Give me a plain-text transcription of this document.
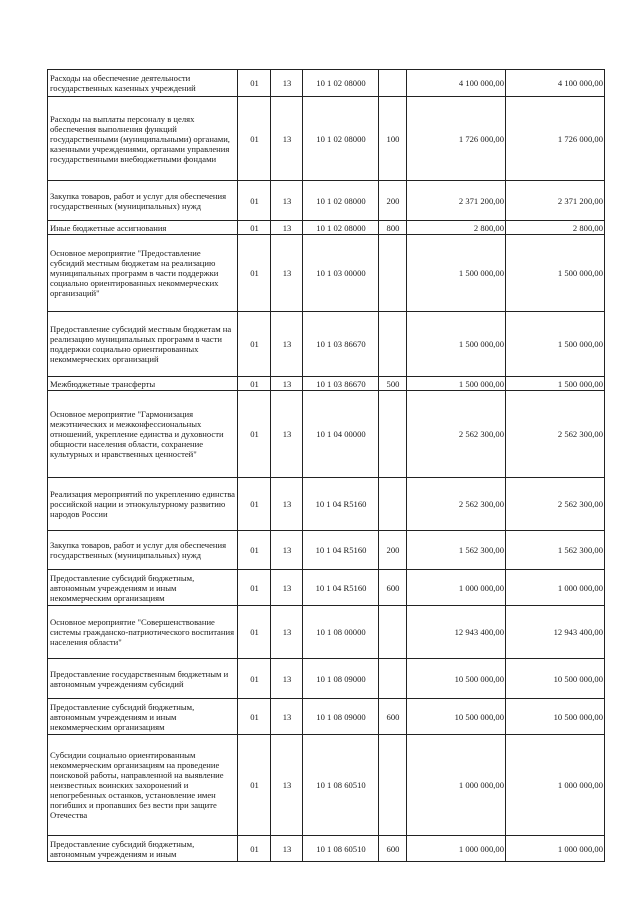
Расходы на обеспечение деятельности государственных казенных учреждений	01	13	10 1 02 08000		4 100 000,00	4 100 000,00
Расходы на выплаты персоналу в целях обеспечения выполнения функций государственными (муниципальными) органами, казенными учреждениями, органами управления государственными внебюджетными фондами	01	13	10 1 02 08000	100	1 726 000,00	1 726 000,00
Закупка товаров, работ и услуг для обеспечения государственных (муниципальных) нужд	01	13	10 1 02 08000	200	2 371 200,00	2 371 200,00
Иные бюджетные ассигнования	01	13	10 1 02 08000	800	2 800,00	2 800,00
Основное мероприятие "Предоставление субсидий местным бюджетам на реализацию муниципальных программ в части поддержки социально ориентированных некоммерческих организаций"	01	13	10 1 03 00000		1 500 000,00	1 500 000,00
Предоставление субсидий местным бюджетам на реализацию муниципальных программ в части поддержки социально ориентированных некоммерческих организаций	01	13	10 1 03 86670		1 500 000,00	1 500 000,00
Межбюджетные трансферты	01	13	10 1 03 86670	500	1 500 000,00	1 500 000,00
Основное мероприятие "Гармонизация межэтнических и межконфессиональных отношений, укрепление единства и духовности общности населения области, сохранение культурных и нравственных ценностей"	01	13	10 1 04 00000		2 562 300,00	2 562 300,00
Реализация мероприятий по укреплению единства российской нации и этнокультурному развитию народов России	01	13	10 1 04 R5160		2 562 300,00	2 562 300,00
Закупка товаров, работ и услуг для обеспечения государственных (муниципальных) нужд	01	13	10 1 04 R5160	200	1 562 300,00	1 562 300,00
Предоставление субсидий бюджетным, автономным учреждениям и иным некоммерческим организациям	01	13	10 1 04 R5160	600	1 000 000,00	1 000 000,00
Основное мероприятие "Совершенствование системы гражданско-патриотического воспитания населения области"	01	13	10 1 08 00000		12 943 400,00	12 943 400,00
Предоставление государственным бюджетным и автономным учреждениям субсидий	01	13	10 1 08 09000		10 500 000,00	10 500 000,00
Предоставление субсидий бюджетным, автономным учреждениям и иным некоммерческим организациям	01	13	10 1 08 09000	600	10 500 000,00	10 500 000,00
Субсидии социально ориентированным некоммерческим организациям на проведение поисковой работы, направленной на выявление неизвестных воинских захоронений и непогребенных останков, установление имен погибших и пропавших без вести при защите Отечества	01	13	10 1 08 60510		1 000 000,00	1 000 000,00
Предоставление субсидий бюджетным, автономным учреждениям и иным	01	13	10 1 08 60510	600	1 000 000,00	1 000 000,00
